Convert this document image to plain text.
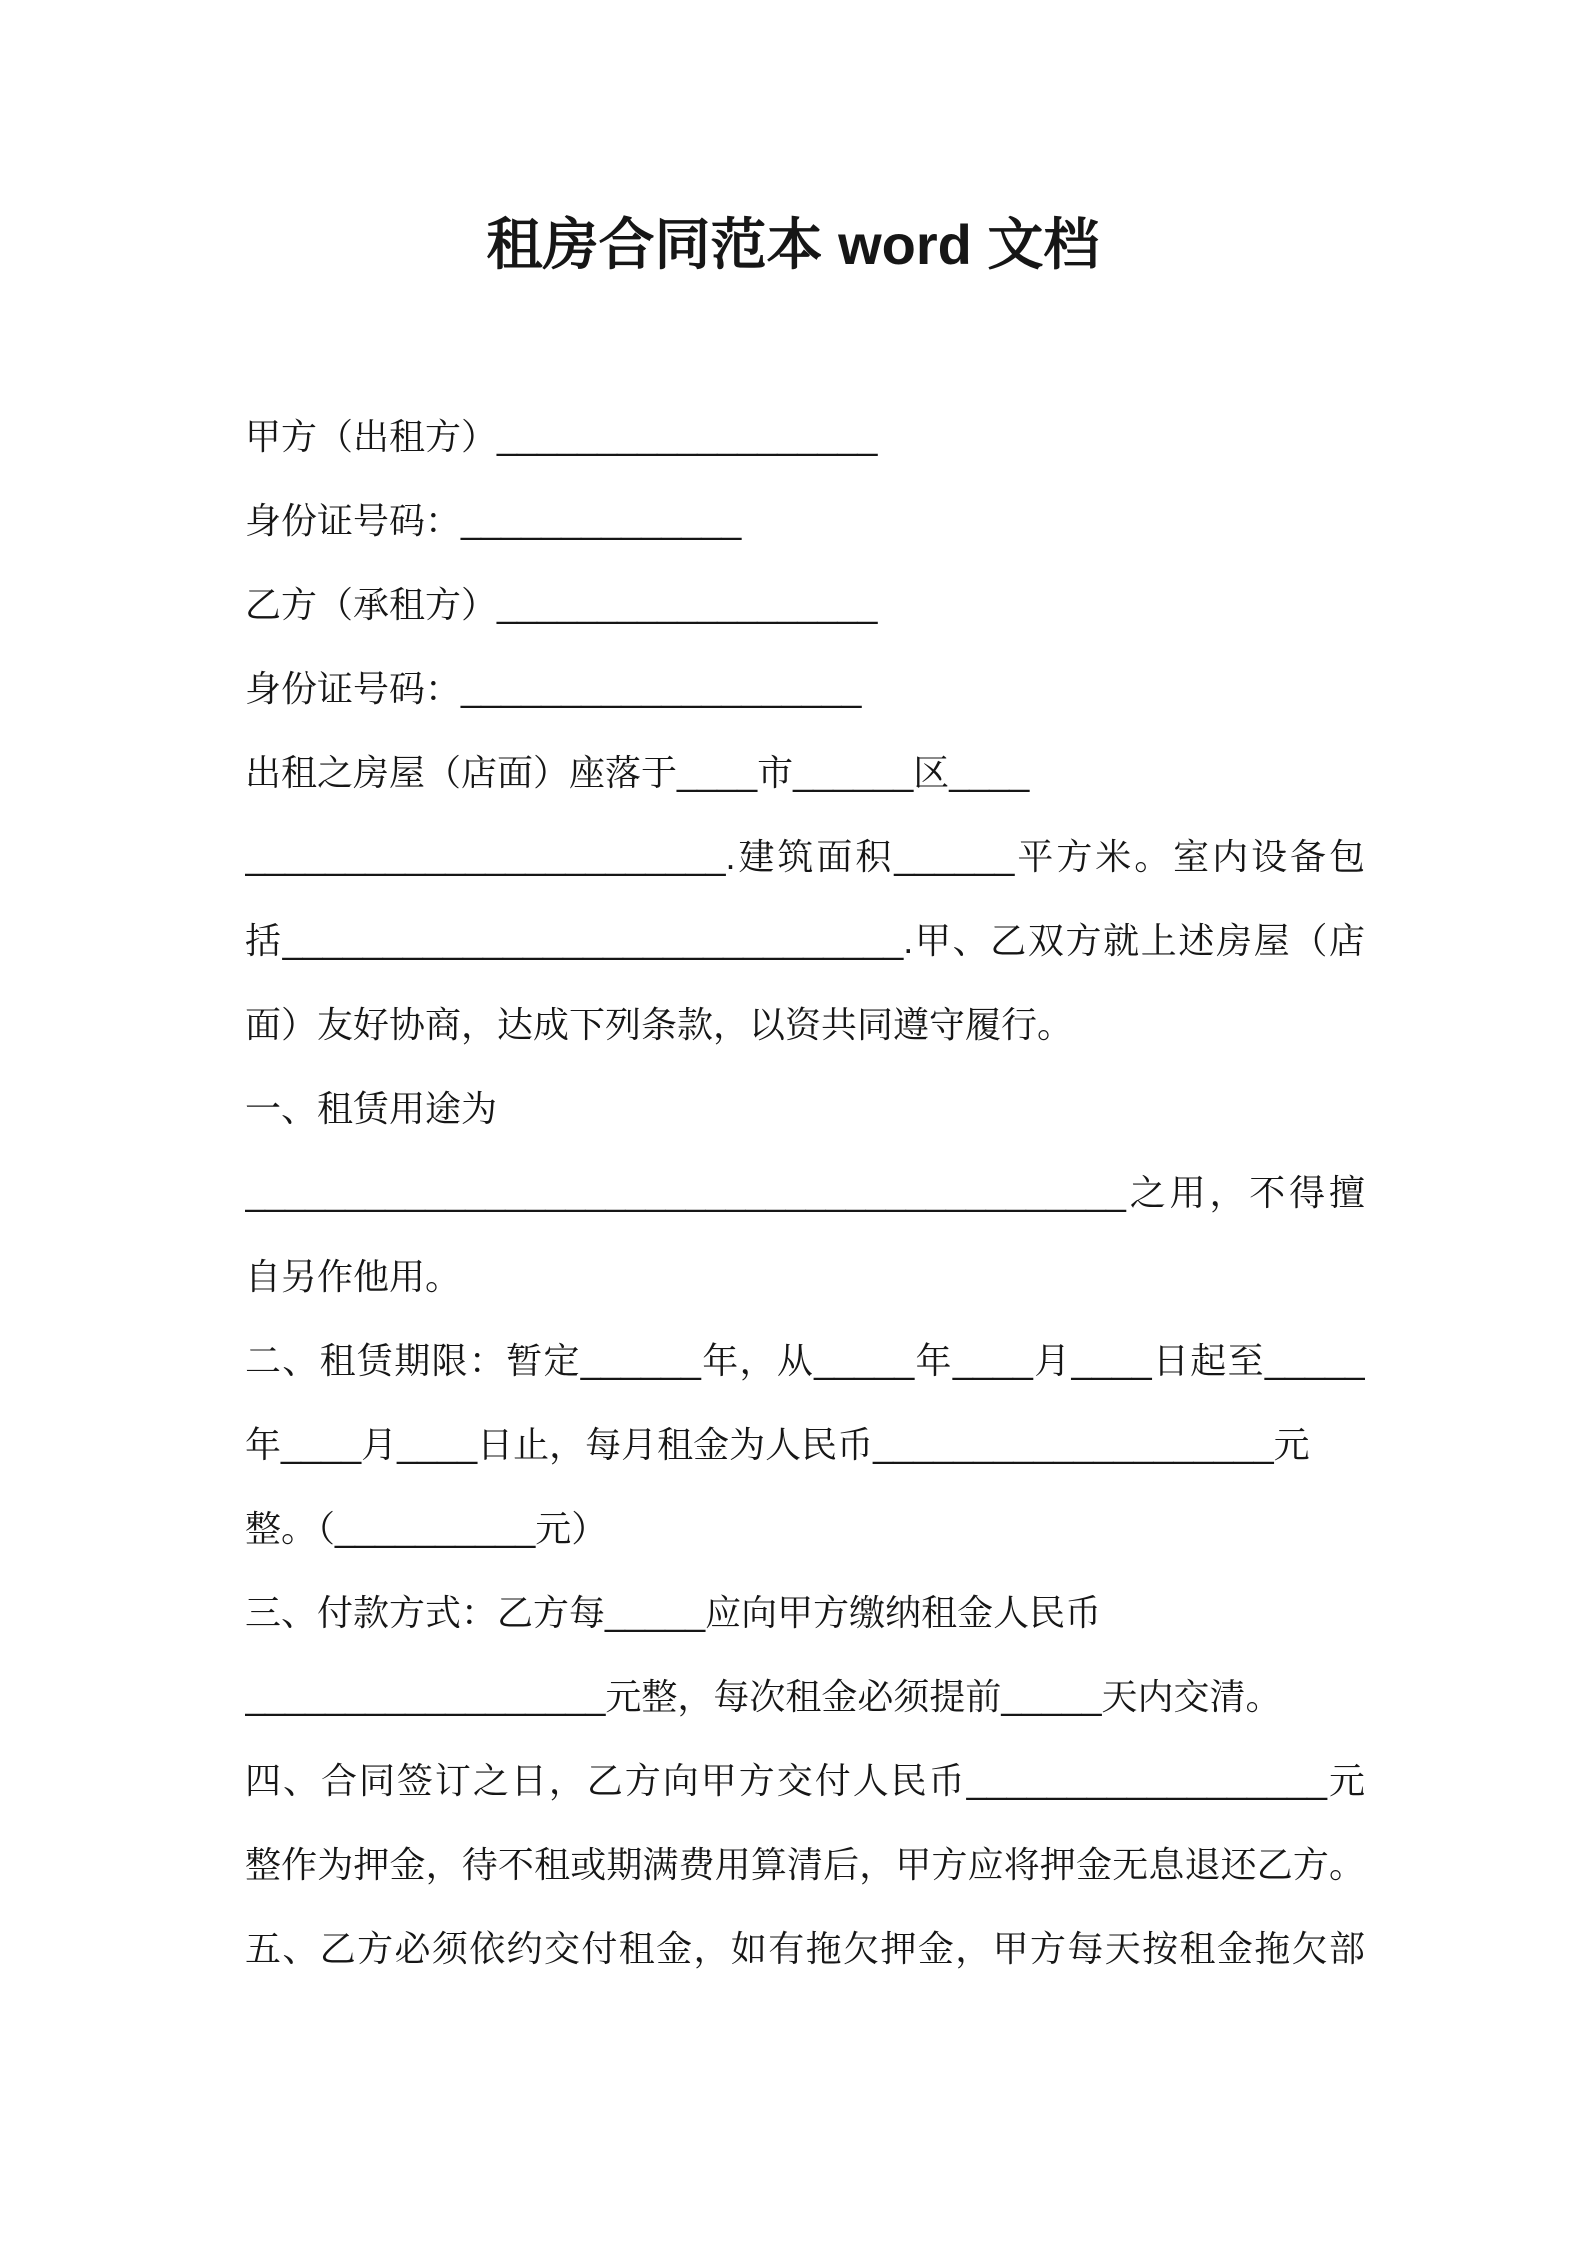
租房合同范本 word 文档
甲方（出租方）___________________
身份证号码：______________
乙方（承租方）___________________
身份证号码：____________________
出租之房屋（店面）座落于____市______区____
________________________.建筑面积______平方米。室内设备包
括_______________________________.甲、乙双方就上述房屋（店
面）友好协商，达成下列条款，以资共同遵守履行。
一、租赁用途为
____________________________________________之用，不得擅
自另作他用。
二、租赁期限：暂定______年，从_____年____月____日起至_____
年____月____日止，每月租金为人民币____________________元
整。（__________元）
三、付款方式：乙方每_____应向甲方缴纳租金人民币
__________________元整，每次租金必须提前_____天内交清。
四、合同签订之日，乙方向甲方交付人民币__________________元
整作为押金，待不租或期满费用算清后，甲方应将押金无息退还乙方。
五、乙方必须依约交付租金，如有拖欠押金，甲方每天按租金拖欠部
